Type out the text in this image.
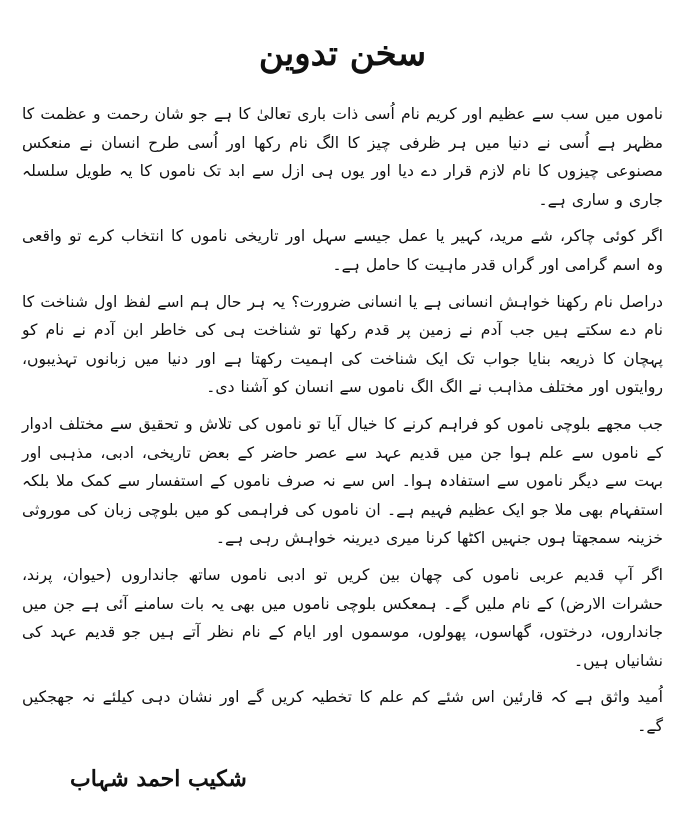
سخن تدوین

ناموں میں سب سے عظیم اور کریم نام اُسی ذات باری تعالیٰ کا ہے جو شان رحمت و عظمت کا مظہر ہے اُسی نے دنیا میں ہر ظرفی چیز کا الگ نام رکھا اور اُسی طرح انسان نے منعکس مصنوعی چیزوں کا نام لازم قرار دے دیا اور یوں ہی ازل سے ابد تک ناموں کا یہ طویل سلسلہ جاری و ساری ہے۔

اگر کوئی چاکر، شے مرید، کہیر یا عمل جیسے سہل اور تاریخی ناموں کا انتخاب کرے تو واقعی وہ اسم گرامی اور گراں قدر ماہیت کا حامل ہے۔

دراصل نام رکھنا خواہش انسانی ہے یا انسانی ضرورت؟ یہ ہر حال ہم اسے لفظ اول شناخت کا نام دے سکتے ہیں جب آدم نے زمین پر قدم رکھا تو شناخت ہی کی خاطر ابن آدم نے نام کو پہچان کا ذریعہ بنایا جواب تک ایک شناخت کی اہمیت رکھتا ہے اور دنیا میں زبانوں تہذیبوں، روایتوں اور مختلف مذاہب نے الگ الگ ناموں سے انسان کو آشنا دی۔

جب مجھے بلوچی ناموں کو فراہم کرنے کا خیال آیا تو ناموں کی تلاش و تحقیق سے مختلف ادوار کے ناموں سے علم ہوا جن میں قدیم عہد سے عصر حاضر کے بعض تاریخی، ادبی، مذہبی اور بہت سے دیگر ناموں سے استفادہ ہوا۔ اس سے نہ صرف ناموں کے استفسار سے کمک ملا بلکہ استفہام بھی ملا جو ایک عظیم فہیم ہے۔ ان ناموں کی فراہمی کو میں بلوچی زبان کی موروثی خزینہ سمجھتا ہوں جنہیں اکٹھا کرنا میری دیرینہ خواہش رہی ہے۔

اگر آپ قدیم عربی ناموں کی چھان بین کریں تو ادبی ناموں ساتھ جانداروں (حیوان، پرند، حشرات الارض) کے نام ملیں گے۔ ہمعکس بلوچی ناموں میں بھی یہ بات سامنے آئی ہے جن میں جانداروں، درختوں، گھاسوں، پھولوں، موسموں اور ایام کے نام نظر آتے ہیں جو قدیم عہد کی نشانیاں ہیں۔

اُمید واثق ہے کہ قارئین اس شئے کم علم کا تخطیہ کریں گے اور نشان دہی کیلئے نہ جھجکیں گے۔

شکیب احمد شہاب
